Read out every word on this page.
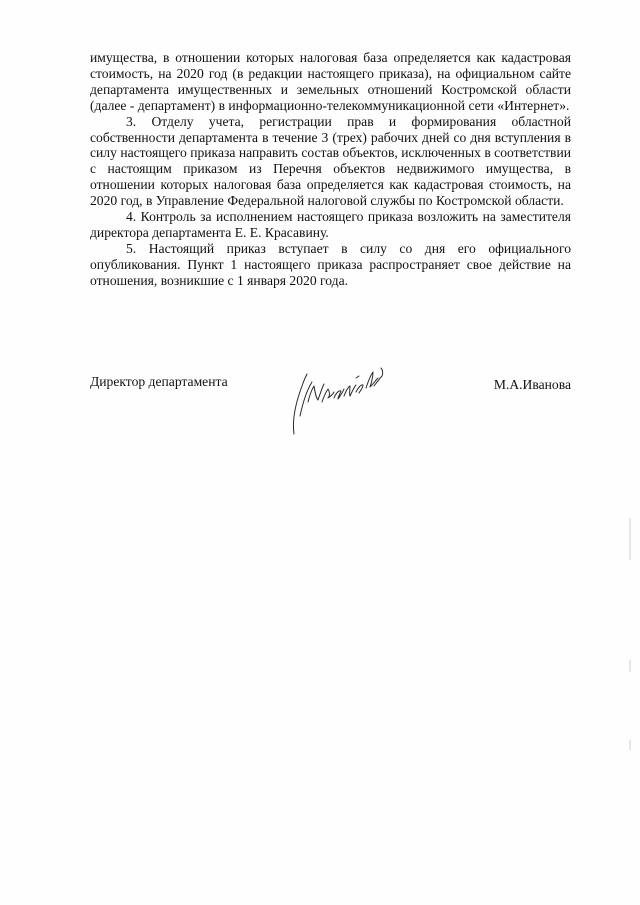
имущества, в отношении которых налоговая база определяется как кадастровая стоимость, на 2020 год (в редакции настоящего приказа), на официальном сайте департамента имущественных и земельных отношений Костромской области (далее - департамент) в информационно-телекоммуникационной сети «Интернет».

3. Отделу учета, регистрации прав и формирования областной собственности департамента в течение 3 (трех) рабочих дней со дня вступления в силу настоящего приказа направить состав объектов, исключенных в соответствии с настоящим приказом из Перечня объектов недвижимого имущества, в отношении которых налоговая база определяется как кадастровая стоимость, на 2020 год, в Управление Федеральной налоговой службы по Костромской области.

4. Контроль за исполнением настоящего приказа возложить на заместителя директора департамента Е. Е. Красавину.

5. Настоящий приказ вступает в силу со дня его официального опубликования. Пункт 1 настоящего приказа распространяет свое действие на отношения, возникшие с 1 января 2020 года.

Директор департамента	М.А.Иванова
